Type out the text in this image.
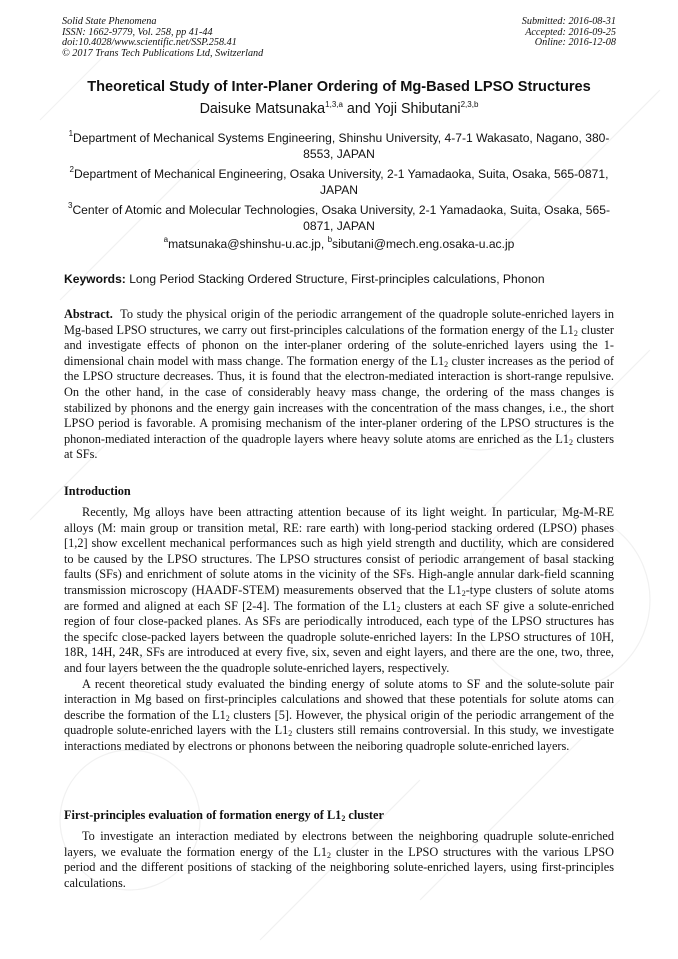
Solid State Phenomena
ISSN: 1662-9779, Vol. 258, pp 41-44
doi:10.4028/www.scientific.net/SSP.258.41
© 2017 Trans Tech Publications Ltd, Switzerland
Submitted: 2016-08-31
Accepted: 2016-09-25
Online: 2016-12-08
Theoretical Study of Inter-Planer Ordering of Mg-Based LPSO Structures
Daisuke Matsunaka$^{1,3,a}$ and Yoji Shibutani$^{2,3,b}$
$^1$Department of Mechanical Systems Engineering, Shinshu University, 4-7-1 Wakasato, Nagano, 380-8553, JAPAN
$^2$Department of Mechanical Engineering, Osaka University, 2-1 Yamadaoka, Suita, Osaka, 565-0871, JAPAN
$^3$Center of Atomic and Molecular Technologies, Osaka University, 2-1 Yamadaoka, Suita, Osaka, 565-0871, JAPAN
$^a$matsunaka@shinshu-u.ac.jp, $^b$sibutani@mech.eng.osaka-u.ac.jp
Keywords: Long Period Stacking Ordered Structure, First-principles calculations, Phonon

Abstract. To study the physical origin of the periodic arrangement of the quadrople solute-enriched layers in Mg-based LPSO structures, we carry out first-principles calculations of the formation energy of the $L1_2$ cluster and investigate effects of phonon on the inter-planer ordering of the solute-enriched layers using the 1-dimensional chain model with mass change. The formation energy of the $L1_2$ cluster increases as the period of the LPSO structure decreases. Thus, it is found that the electron-mediated interaction is short-range repulsive. On the other hand, in the case of considerably heavy mass change, the ordering of the mass changes is stabilized by phonons and the energy gain increases with the concentration of the mass changes, i.e., the short LPSO period is favorable. A promising mechanism of the inter-planer ordering of the LPSO structures is the phonon-mediated interaction of the quadrople layers where heavy solute atoms are enriched as the $L1_2$ clusters at SFs.

Introduction

Recently, Mg alloys have been attracting attention because of its light weight. In particular, Mg-M-RE alloys (M: main group or transition metal, RE: rare earth) with long-period stacking ordered (LPSO) phases [1,2] show excellent mechanical performances such as high yield strength and ductility, which are considered to be caused by the LPSO structures. The LPSO structures consist of periodic arrangement of basal stacking faults (SFs) and enrichment of solute atoms in the vicinity of the SFs. High-angle annular dark-field scanning transmission microscopy (HAADF-STEM) measurements observed that the $L1_2$-type clusters of solute atoms are formed and aligned at each SF [2-4]. The formation of the $L1_2$ clusters at each SF give a solute-enriched region of four close-packed planes. As SFs are periodically introduced, each type of the LPSO structures has the specifc close-packed layers between the quadrople solute-enriched layers: In the LPSO structures of 10H, 18R, 14H, 24R, SFs are introduced at every five, six, seven and eight layers, and there are the one, two, three, and four layers between the the quadrople solute-enriched layers, respectively.

A recent theoretical study evaluated the binding energy of solute atoms to SF and the solute-solute pair interaction in Mg based on first-principles calculations and showed that these potentials for solute atoms can describe the formation of the $L1_2$ clusters [5]. However, the physical origin of the periodic arrangement of the quadrople solute-enriched layers with the $L1_2$ clusters still remains controversial. In this study, we investigate interactions mediated by electrons or phonons between the neiboring quadrople solute-enriched layers.

First-principles evaluation of formation energy of $L1_2$ cluster

To investigate an interaction mediated by electrons between the neighboring quadruple solute-enriched layers, we evaluate the formation energy of the $L1_2$ cluster in the LPSO structures with the various LPSO period and the different positions of stacking of the neighboring solute-enriched layers, using first-principles calculations.
